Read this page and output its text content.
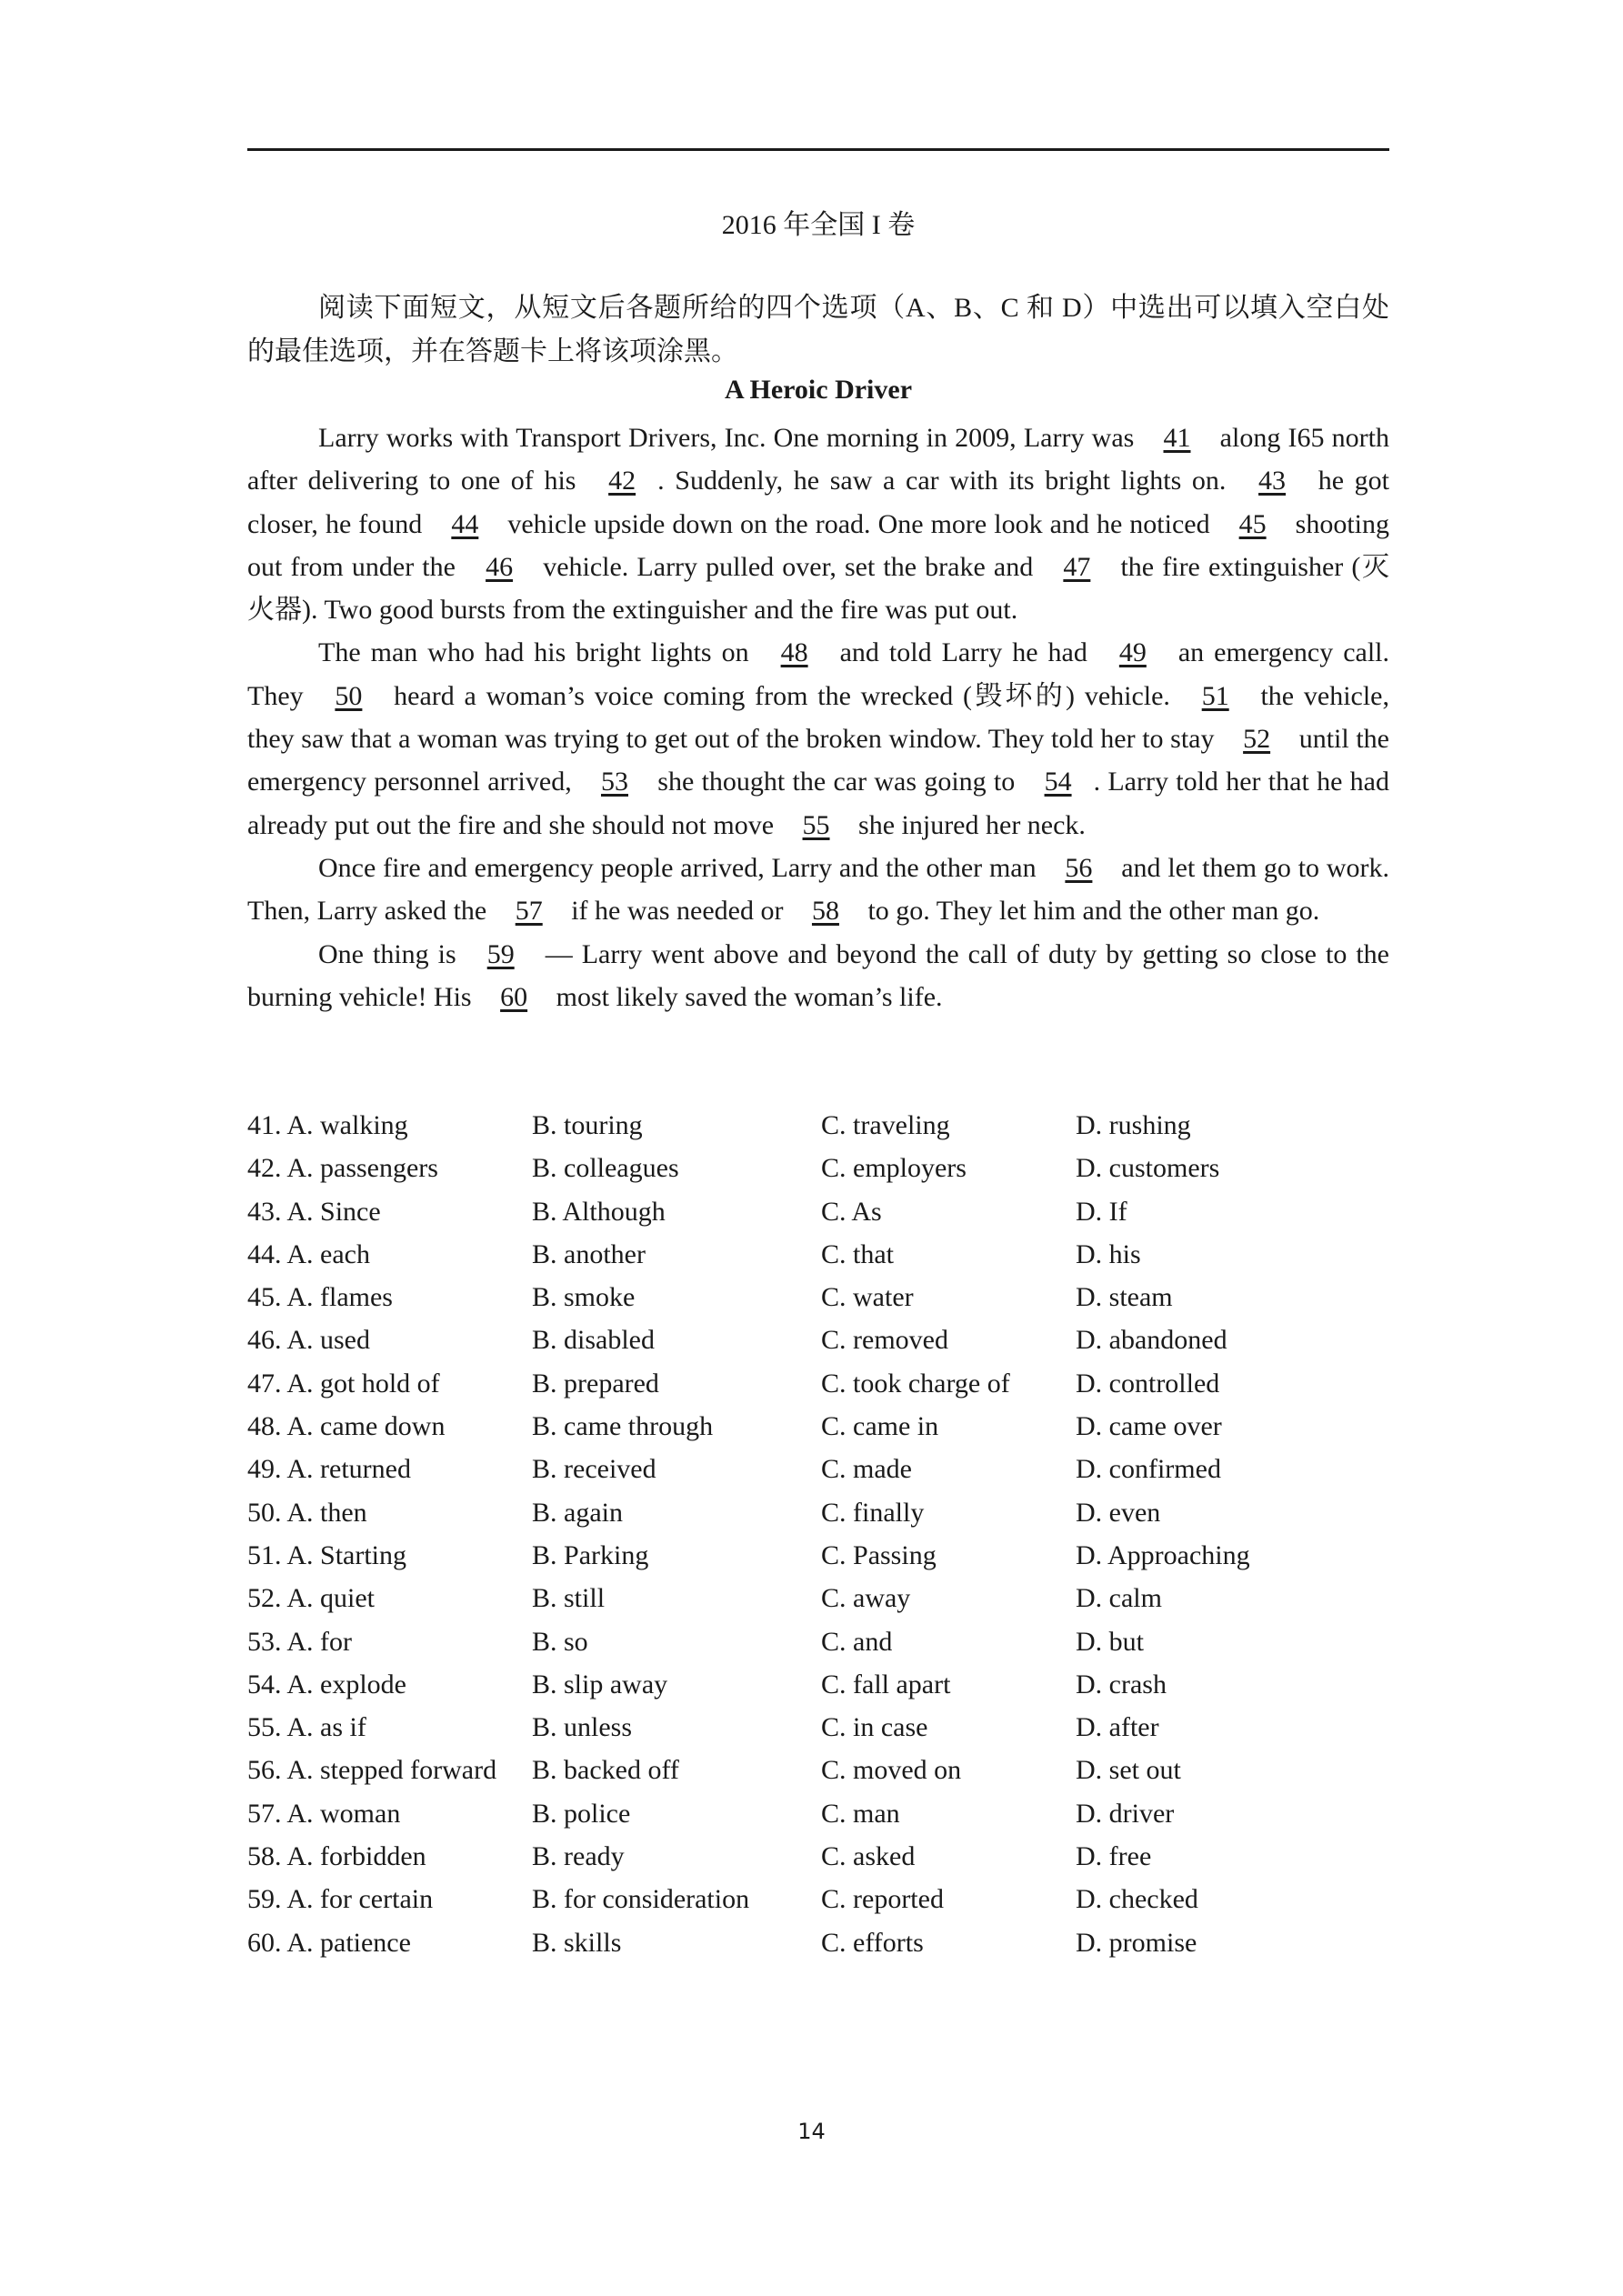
2016 年全国 I 卷

阅读下面短文，从短文后各题所给的四个选项（A、B、C 和 D）中选出可以填入空白处的最佳选项，并在答题卡上将该项涂黑。

A Heroic Driver

Larry works with Transport Drivers, Inc. One morning in 2009, Larry was 41 along I65 north after delivering to one of his 42 . Suddenly, he saw a car with its bright lights on. 43 he got closer, he found 44 vehicle upside down on the road. One more look and he noticed 45 shooting out from under the 46 vehicle. Larry pulled over, set the brake and 47 the fire extinguisher (灭火器). Two good bursts from the extinguisher and the fire was put out.

The man who had his bright lights on 48 and told Larry he had 49 an emergency call. They 50 heard a woman’s voice coming from the wrecked (毁坏的) vehicle. 51 the vehicle, they saw that a woman was trying to get out of the broken window. They told her to stay 52 until the emergency personnel arrived, 53 she thought the car was going to 54 . Larry told her that he had already put out the fire and she should not move 55 she injured her neck.

Once fire and emergency people arrived, Larry and the other man 56 and let them go to work. Then, Larry asked the 57 if he was needed or 58 to go. They let him and the other man go.

One thing is 59 — Larry went above and beyond the call of duty by getting so close to the burning vehicle! His 60 most likely saved the woman’s life.

41. A. walking	B. touring	C. traveling	D. rushing
42. A. passengers	B. colleagues	C. employers	D. customers
43. A. Since	B. Although	C. As	D. If
44. A. each	B. another	C. that	D. his
45. A. flames	B. smoke	C. water	D. steam
46. A. used	B. disabled	C. removed	D. abandoned
47. A. got hold of	B. prepared	C. took charge of	D. controlled
48. A. came down	B. came through	C. came in	D. came over
49. A. returned	B. received	C. made	D. confirmed
50. A. then	B. again	C. finally	D. even
51. A. Starting	B. Parking	C. Passing	D. Approaching
52. A. quiet	B. still	C. away	D. calm
53. A. for	B. so	C. and	D. but
54. A. explode	B. slip away	C. fall apart	D. crash
55. A. as if	B. unless	C. in case	D. after
56. A. stepped forward	B. backed off	C. moved on	D. set out
57. A. woman	B. police	C. man	D. driver
58. A. forbidden	B. ready	C. asked	D. free
59. A. for certain	B. for consideration	C. reported	D. checked
60. A. patience	B. skills	C. efforts	D. promise
14
